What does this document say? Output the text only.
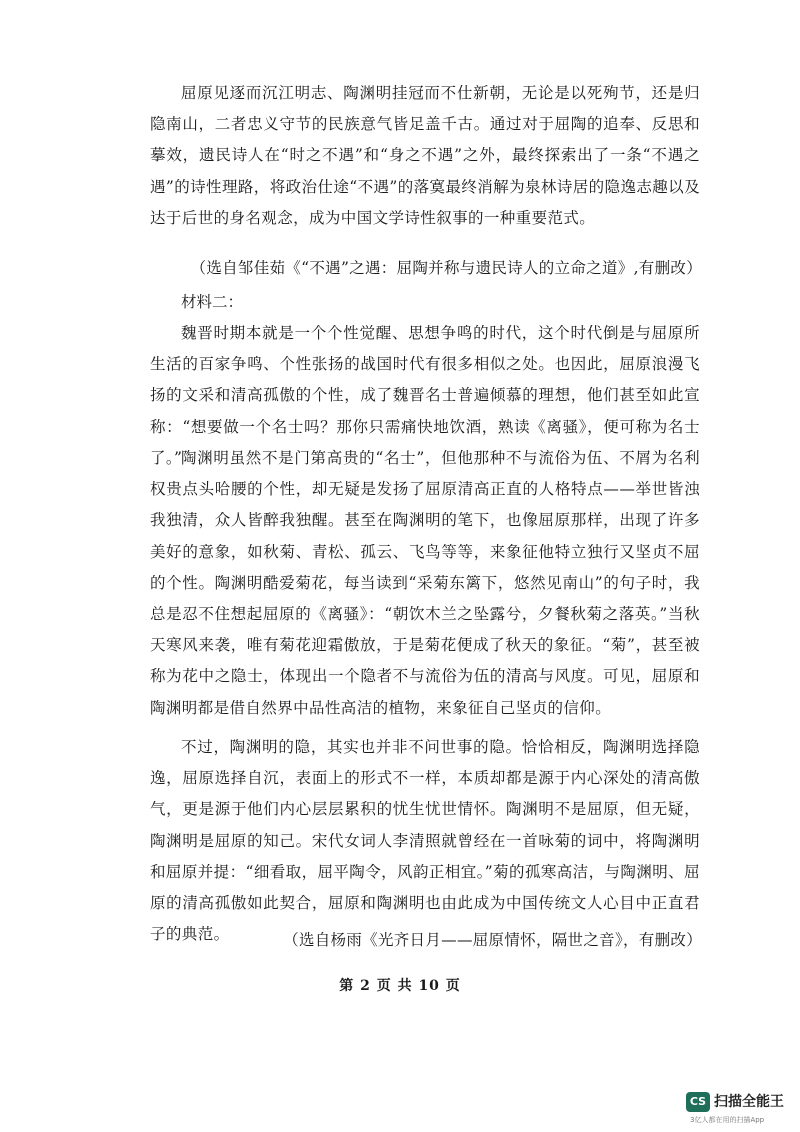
屈原见逐而沉江明志、陶渊明挂冠而不仕新朝，无论是以死殉节，还是归隐南山，二者忠义守节的民族意气皆足盖千古。通过对于屈陶的追奉、反思和摹效，遗民诗人在“时之不遇”和“身之不遇”之外，最终探索出了一条“不遇之遇”的诗性理路，将政治仕途“不遇”的落寞最终消解为泉林诗居的隐逸志趣以及达于后世的身名观念，成为中国文学诗性叙事的一种重要范式。

（选自邹佳茹《“不遇”之遇：屈陶并称与遗民诗人的立命之道》,有删改）

材料二：

魏晋时期本就是一个个性觉醒、思想争鸣的时代，这个时代倒是与屈原所生活的百家争鸣、个性张扬的战国时代有很多相似之处。也因此，屈原浪漫飞扬的文采和清高孤傲的个性，成了魏晋名士普遍倾慕的理想，他们甚至如此宣称：“想要做一个名士吗？那你只需痛快地饮酒，熟读《离骚》，便可称为名士了。”

陶渊明虽然不是门第高贵的“名士”，但他那种不与流俗为伍、不屑为名利权贵点头哈腰的个性，却无疑是发扬了屈原清高正直的人格特点——举世皆浊我独清，众人皆醉我独醒。甚至在陶渊明的笔下，也像屈原那样，出现了许多美好的意象，如秋菊、青松、孤云、飞鸟等等，来象征他特立独行又坚贞不屈的个性。陶渊明酷爱菊花，每当读到“采菊东篱下，悠然见南山”的句子时，我总是忍不住想起屈原的《离骚》：“朝饮木兰之坠露兮，夕餐秋菊之落英。”当秋天寒风来袭，唯有菊花迎霜傲放，于是菊花便成了秋天的象征。“菊”，甚至被称为花中之隐士，体现出一个隐者不与流俗为伍的清高与风度。可见，屈原和陶渊明都是借自然界中品性高洁的植物，来象征自己坚贞的信仰。

不过，陶渊明的隐，其实也并非不问世事的隐。恰恰相反，陶渊明选择隐逸，屈原选择自沉，表面上的形式不一样，本质却都是源于内心深处的清高傲气，更是源于他们内心层层累积的忧生忧世情怀。陶渊明不是屈原，但无疑，陶渊明是屈原的知己。宋代女词人李清照就曾经在一首咏菊的词中，将陶渊明和屈原并提：“细看取，屈平陶令，风韵正相宜。”菊的孤寒高洁，与陶渊明、屈原的清高孤傲如此契合，屈原和陶渊明也由此成为中国传统文人心目中正直君子的典范。	（选自杨雨《光齐日月——屈原情怀，隔世之音》，有删改）

第 2 页 共 10 页
CS 扫描全能王
3亿人都在用的扫描App
